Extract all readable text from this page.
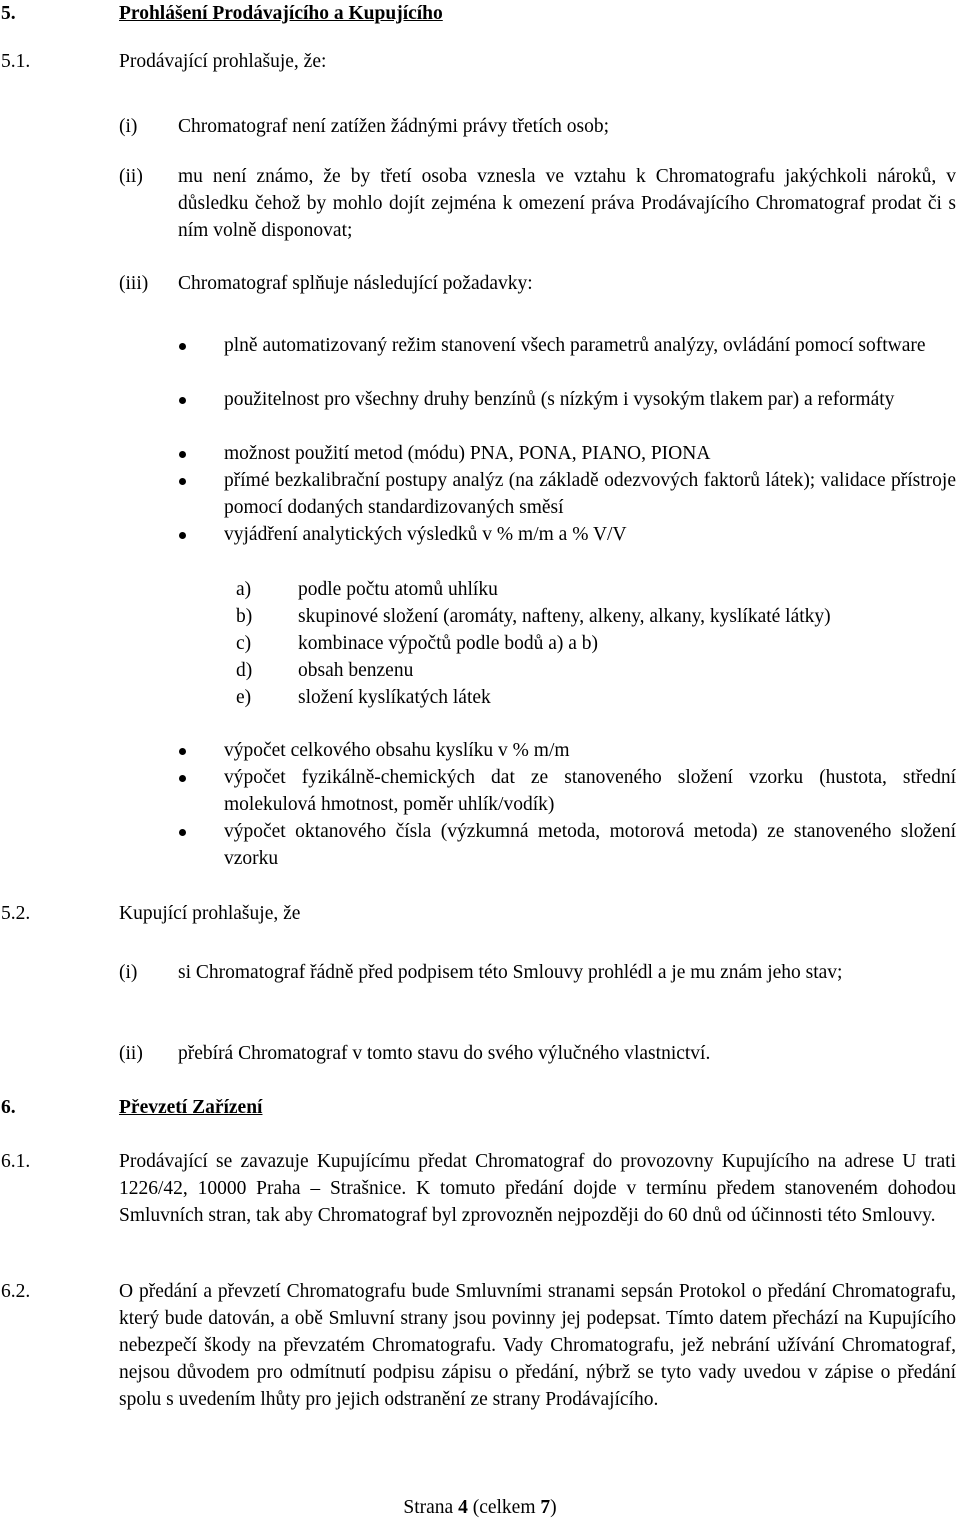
5.	Prohlášení Prodávajícího a Kupujícího
5.1.	Prodávající prohlašuje, že:
(i) Chromatograf není zatížen žádnými právy třetích osob;
(ii) mu není známo, že by třetí osoba vznesla ve vztahu k Chromatografu jakýchkoli nároků, v důsledku čehož by mohlo dojít zejména k omezení práva Prodávajícího Chromatograf prodat či s ním volně disponovat;
(iii) Chromatograf splňuje následující požadavky:
plně automatizovaný režim stanovení všech parametrů analýzy, ovládání pomocí software
použitelnost pro všechny druhy benzínů (s nízkým i vysokým tlakem par) a reformáty
možnost použití metod (módu) PNA, PONA, PIANO, PIONA
přímé bezkalibrační postupy analýz (na základě odezvových faktorů látek); validace přístroje pomocí dodaných standardizovaných směsí
vyjádření analytických výsledků v % m/m a % V/V
a) podle počtu atomů uhlíku
b) skupinové složení (aromáty, nafteny, alkeny, alkany, kyslíkaté látky)
c) kombinace výpočtů podle bodů a) a b)
d) obsah benzenu
e) složení kyslíkatých látek
výpočet celkového obsahu kyslíku v % m/m
výpočet fyzikálně-chemických dat ze stanoveného složení vzorku (hustota, střední molekulová hmotnost, poměr uhlík/vodík)
výpočet oktanového čísla (výzkumná metoda, motorová metoda) ze stanoveného složení vzorku
5.2.	Kupující prohlašuje, že
(i) si Chromatograf řádně před podpisem této Smlouvy prohlédl a je mu znám jeho stav;
(ii) přebírá Chromatograf v tomto stavu do svého výlučného vlastnictví.
6.	Převzetí Zařízení
6.1.	Prodávající se zavazuje Kupujícímu předat Chromatograf do provozovny Kupujícího na adrese U trati 1226/42, 10000 Praha – Strašnice. K tomuto předání dojde v termínu předem stanoveném dohodou Smluvních stran, tak aby Chromatograf byl zprovozněn nejpozději do 60 dnů od účinnosti této Smlouvy.
6.2.	O předání a převzetí Chromatografu bude Smluvními stranami sepsán Protokol o předání Chromatografu, který bude datován, a obě Smluvní strany jsou povinny jej podepsat. Tímto datem přechází na Kupujícího nebezpečí škody na převzatém Chromatografu. Vady Chromatografu, jež nebrání užívání Chromatograf, nejsou důvodem pro odmítnutí podpisu zápisu o předání, nýbrž se tyto vady uvedou v zápise o předání spolu s uvedením lhůty pro jejich odstranění ze strany Prodávajícího.
Strana 4 (celkem 7)
